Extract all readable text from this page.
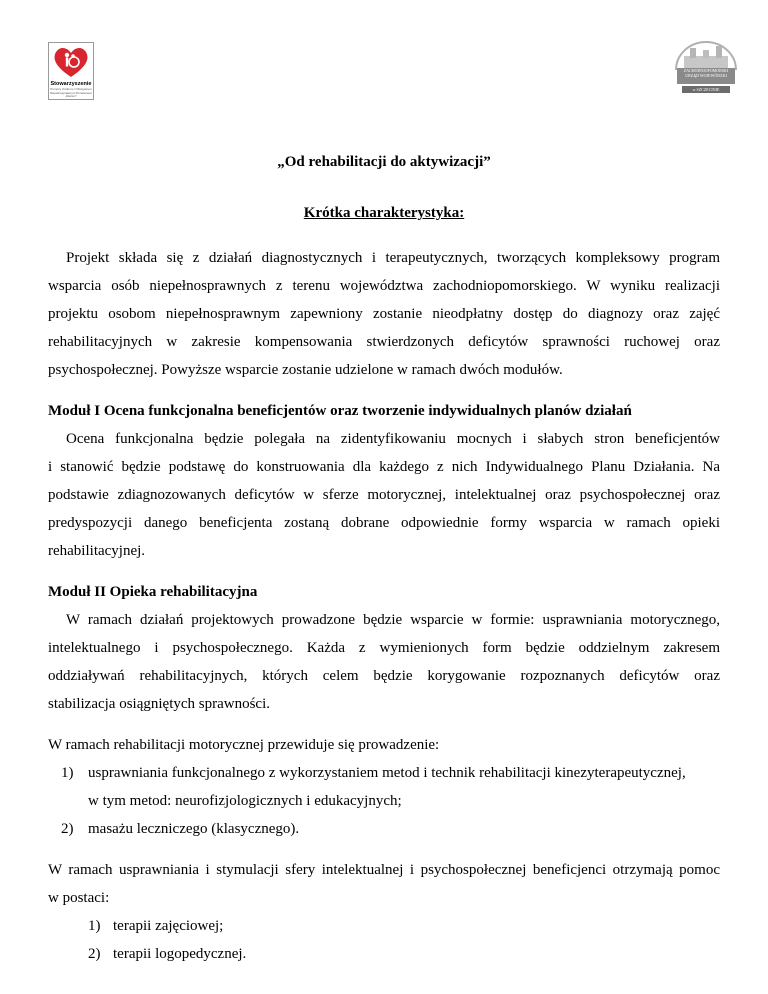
Stowarzyszenie
Pomocy Osobom z Mózgowym Niepełnosprawnym Porażeniem „Razem”
ZACHODNIOPOMORSKI URZĄD WOJEWÓDZKI
w SZCZECINIE
„Od rehabilitacji do aktywizacji”
Krótka charakterystyka:
Projekt składa się z działań diagnostycznych i terapeutycznych, tworzących kompleksowy program
wsparcia osób niepełnosprawnych z terenu województwa zachodniopomorskiego. W wyniku realizacji
projektu osobom niepełnosprawnym zapewniony zostanie nieodpłatny dostęp do diagnozy oraz zajęć
rehabilitacyjnych w zakresie kompensowania stwierdzonych deficytów sprawności ruchowej oraz
psychospołecznej. Powyższe wsparcie zostanie udzielone w ramach dwóch modułów.
Moduł I Ocena funkcjonalna beneficjentów oraz tworzenie indywidualnych planów działań
Ocena funkcjonalna będzie polegała na zidentyfikowaniu mocnych i słabych stron beneficjentów
i stanowić będzie podstawę do konstruowania dla każdego z nich Indywidualnego Planu Działania. Na
podstawie zdiagnozowanych deficytów w sferze motorycznej, intelektualnej oraz psychospołecznej oraz
predyspozycji danego beneficjenta zostaną dobrane odpowiednie formy wsparcia w ramach opieki
rehabilitacyjnej.
Moduł II Opieka rehabilitacyjna
W ramach działań projektowych prowadzone będzie wsparcie w formie: usprawniania motorycznego,
intelektualnego i psychospołecznego. Każda z wymienionych form będzie oddzielnym zakresem
oddziaływań rehabilitacyjnych, których celem będzie korygowanie rozpoznanych deficytów oraz
stabilizacja osiągniętych sprawności.
W ramach rehabilitacji motorycznej przewiduje się prowadzenie:
1) usprawniania funkcjonalnego z wykorzystaniem metod i technik rehabilitacji kinezyterapeutycznej,
w tym metod: neurofizjologicznych i edukacyjnych;
2) masażu leczniczego (klasycznego).
W ramach usprawniania i stymulacji sfery intelektualnej i psychospołecznej beneficjenci otrzymają pomoc
w postaci:
1) terapii zajęciowej;
2) terapii logopedycznej.
